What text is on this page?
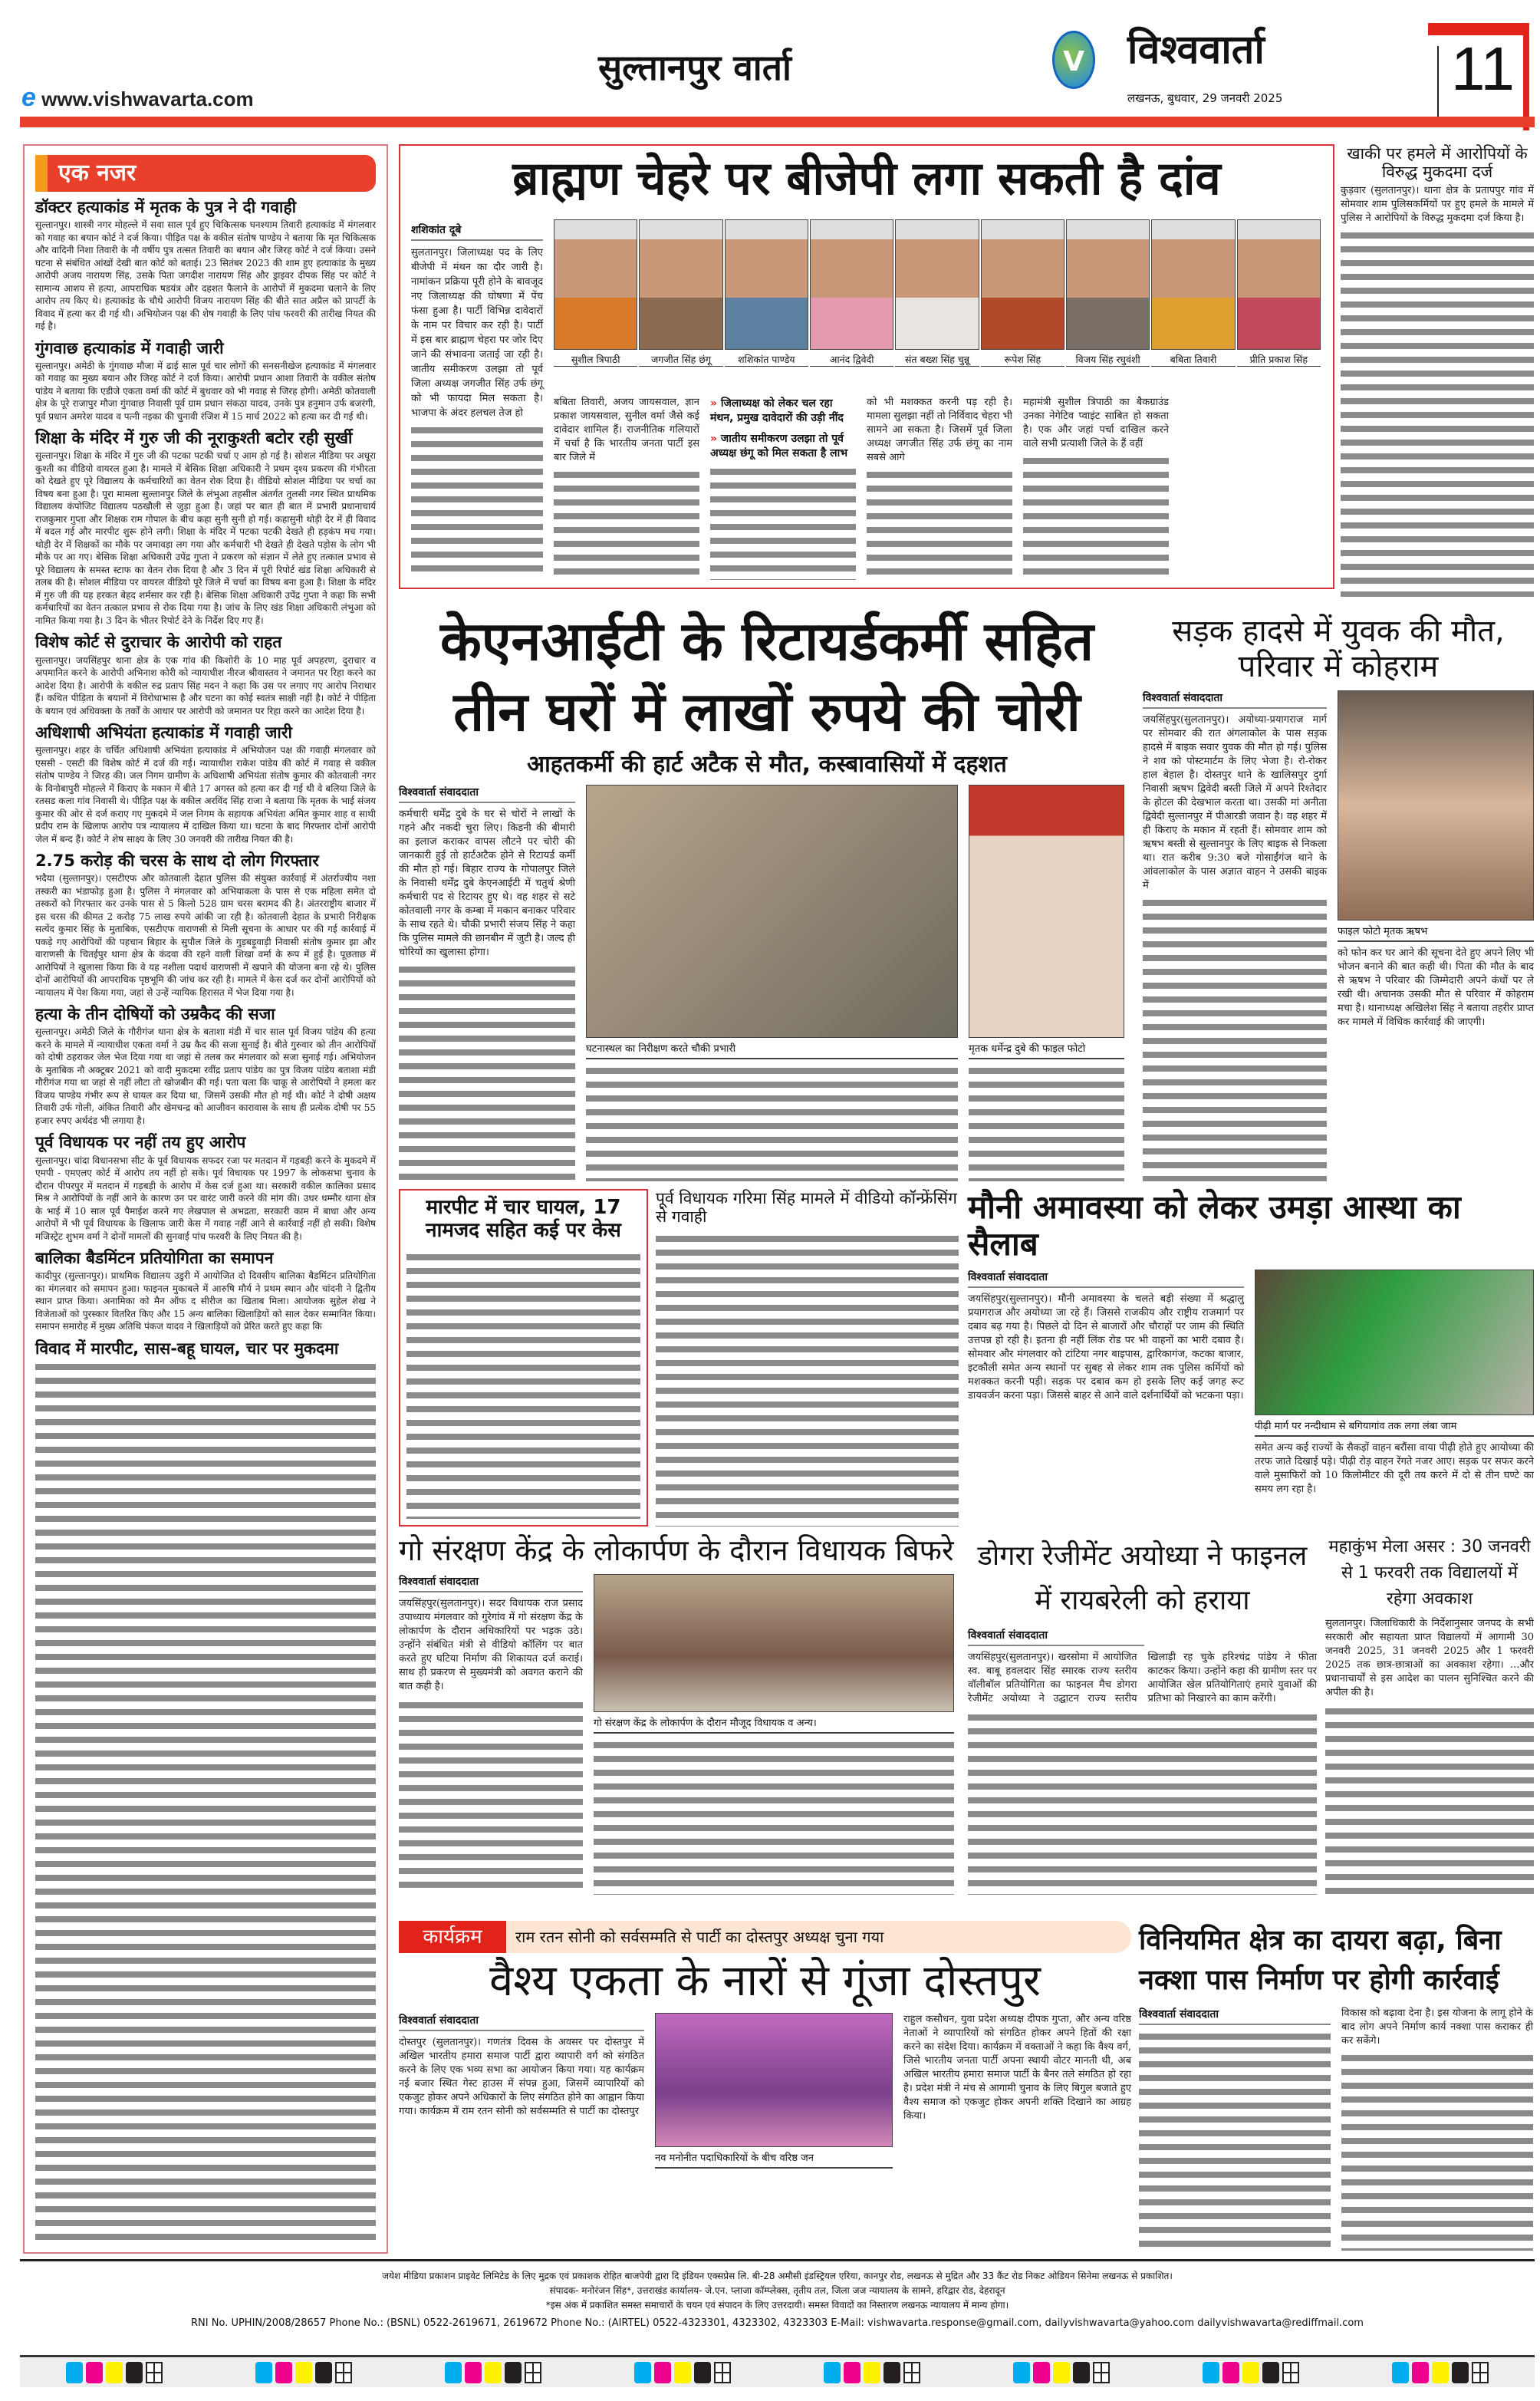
e www.vishwavarta.com
सुल्तानपुर वार्ता	V विश्ववार्ता
लखनऊ, बुधवार, 29 जनवरी 2025	11
एक नजर
डॉक्टर हत्याकांड में मृतक के पुत्र ने दी गवाही
सुल्तानपुर। शास्त्री नगर मोहल्ले में सवा साल पूर्व हुए चिकित्सक घनश्याम तिवारी हत्याकांड में मंगलवार को गवाह का बयान कोर्ट ने दर्ज किया। पीड़ित पक्ष के वकील संतोष पाण्डेय ने बताया कि मृत चिकित्सक और वादिनी निशा तिवारी के नौ वर्षीय पुत्र तत्सत तिवारी का बयान और जिरह कोर्ट ने दर्ज किया। उसने घटना से संबंधित आंखों देखी बात कोर्ट को बताई। 23 सितंबर 2023 की शाम हुए हत्याकांड के मुख्य आरोपी अजय नारायण सिंह, उसके पिता जगदीश नारायण सिंह और ड्राइवर दीपक सिंह पर कोर्ट ने सामान्य आशय से हत्या, आपराधिक षडयंत्र और दहशत फैलाने के आरोपों में मुकदमा चलाने के लिए आरोप तय किए थे। हत्याकांड के चौथे आरोपी विजय नारायण सिंह की बीते सात अप्रैल को प्रापर्टी के विवाद में हत्या कर दी गई थी। अभियोजन पक्ष की शेष गवाही के लिए पांच फरवरी की तारीख नियत की गई है।
गुंगवाछ हत्याकांड में गवाही जारी
सुल्तानपुर। अमेठी के गुंगवाछ मौजा में ढाई साल पूर्व चार लोगों की सनसनीखेज हत्याकांड में मंगलवार को गवाह का मुख्य बयान और जिरह कोर्ट ने दर्ज किया। आरोपी प्रधान आशा तिवारी के वकील संतोष पांडेय ने बताया कि एडीजे एकता वर्मा की कोर्ट में बुधवार को भी गवाह से जिरह होगी। अमेठी कोतवाली क्षेत्र के पूरे राजापुर मौजा गुंगवाछ निवासी पूर्व ग्राम प्रधान संकठा यादव, उनके पुत्र हनुमान उर्फ बजरंगी, पूर्व प्रधान अमरेश यादव व पत्नी नइका की चुनावी रंजिश में 15 मार्च 2022 को हत्या कर दी गई थी।
शिक्षा के मंदिर में गुरु जी की नूराकुश्ती बटोर रही सुर्खी
सुल्तानपुर। शिक्षा के मंदिर में गुरु जी की पटका पटकी चर्चा ए आम हो गई है। सोशल मीडिया पर अधूरा कुश्ती का वीडियो वायरल हुआ है। मामले में बेसिक शिक्षा अधिकारी ने प्रथम दृश्य प्रकरण की गंभीरता को देखते हुए पूरे विद्यालय के कर्मचारियों का वेतन रोक दिया है। वीडियो सोशल मीडिया पर चर्चा का विषय बना हुआ है। पूरा मामला सुल्तानपुर जिले के लंभुआ तहसील अंतर्गत तुलसी नगर स्थित प्राथमिक विद्यालय कंपोजिट विद्यालय पठखौली से जुड़ा हुआ है। जहां पर बात ही बात में प्रभारी प्रधानाचार्य राजकुमार गुप्ता और शिक्षक राम गोपाल के बीच कहा सुनी सुनी हो गई। कहासुनी थोड़ी देर में ही विवाद में बदल गई और मारपीट शुरू होने लगी। शिक्षा के मंदिर में पटका पटकी देखते ही हड़कंप मच गया। थोड़ी देर में शिक्षकों का मौके पर जमावड़ा लग गया और कर्मचारी भी देखते ही देखते पड़ोस के लोग भी मौके पर आ गए। बेसिक शिक्षा अधिकारी उपेंद्र गुप्ता ने प्रकरण को संज्ञान में लेते हुए तत्काल प्रभाव से पूरे विद्यालय के समस्त स्टाफ का वेतन रोक दिया है और 3 दिन में पूरी रिपोर्ट खंड शिक्षा अधिकारी से तलब की है। सोशल मीडिया पर वायरल वीडियो पूरे जिले में चर्चा का विषय बना हुआ है। शिक्षा के मंदिर में गुरु जी की यह हरकत बेहद शर्मसार कर रही है। बेसिक शिक्षा अधिकारी उपेंद्र गुप्ता ने कहा कि सभी कर्मचारियों का वेतन तत्काल प्रभाव से रोक दिया गया है। जांच के लिए खंड शिक्षा अधिकारी लंभुआ को नामित किया गया है। 3 दिन के भीतर रिपोर्ट देने के निर्देश दिए गए हैं।
विशेष कोर्ट से दुराचार के आरोपी को राहत
सुल्तानपुर। जयसिंहपुर थाना क्षेत्र के एक गांव की किशोरी के 10 माह पूर्व अपहरण, दुराचार व अपमानित करने के आरोपी अभिनाश कोरी को न्यायाधीश नीरज श्रीवास्तव ने जमानत पर रिहा करने का आदेश दिया है। आरोपी के वकील रुद्र प्रताप सिंह मदन ने कहा कि उस पर लगाए गए आरोप निराधार हैं। कथित पीड़िता के बयानों में विरोधाभास है और घटना का कोई स्वतंत्र साक्षी नहीं है। कोर्ट ने पीड़िता के बयान एवं अधिवक्ता के तर्कों के आधार पर आरोपी को जमानत पर रिहा करने का आदेश दिया है।
अधिशाषी अभियंता हत्याकांड में गवाही जारी
सुल्तानपुर। शहर के चर्चित अधिशाषी अभियंता हत्याकांड में अभियोजन पक्ष की गवाही मंगलवार को एससी - एसटी की विशेष कोर्ट में दर्ज की गई। न्यायाधीश राकेश पांडेय की कोर्ट में गवाह से वकील संतोष पाण्डेय ने जिरह की। जल निगम ग्रामीण के अधिशाषी अभियंता संतोष कुमार की कोतवाली नगर के विनोबापुरी मोहल्ले में किराए के मकान में बीते 17 अगस्त को हत्या कर दी गई थी वे बलिया जिले के रतसड कला गांव निवासी थे। पीड़ित पक्ष के वकील अरविंद सिंह राजा ने बताया कि मृतक के भाई संजय कुमार की ओर से दर्ज कराए गए मुकदमे में जल निगम के सहायक अभियंता अमित कुमार शाह व साथी प्रदीप राम के खिलाफ आरोप पत्र न्यायालय में दाखिल किया था। घटना के बाद गिरफ्तार दोनों आरोपी जेल में बन्द हैं। कोर्ट ने शेष साक्ष्य के लिए 30 जनवरी की तारीख नियत की है।
2.75 करोड़ की चरस के साथ दो लोग गिरफ्तार
भदैया (सुल्तानपुर)। एसटीएफ और कोतवाली देहात पुलिस की संयुक्त कार्रवाई में अंतर्राज्यीय नशा तस्करी का भंडाफोड़ हुआ है। पुलिस ने मंगलवार को अभियाकला के पास से एक महिला समेत दो तस्करों को गिरफ्तार कर उनके पास से 5 किलो 528 ग्राम चरस बरामद की है। अंतरराष्ट्रीय बाजार में इस चरस की कीमत 2 करोड़ 75 लाख रुपये आंकी जा रही है। कोतवाली देहात के प्रभारी निरीक्षक सत्येंद कुमार सिंह के मुताबिक, एसटीएफ वाराणसी से मिली सूचना के आधार पर की गई कार्रवाई में पकड़े गए आरोपियों की पहचान बिहार के सुपौल जिले के गुड़बड़ूवाड़ी निवासी संतोष कुमार झा और वाराणसी के चितईपुर थाना क्षेत्र के कंदवा की रहने वाली शिखा वर्मा के रूप में हुई है। पूछताछ में आरोपियों ने खुलासा किया कि वे यह नशीला पदार्थ वाराणसी में खपाने की योजना बना रहे थे। पुलिस दोनों आरोपियों की आपराधिक पृष्ठभूमि की जांच कर रही है। मामले में केस दर्ज कर दोनों आरोपियों को न्यायालय में पेश किया गया, जहां से उन्हें न्यायिक हिरासत में भेज दिया गया है।
हत्या के तीन दोषियों को उम्रकैद की सजा
सुल्तानपुर। अमेठी जिले के गौरीगंज थाना क्षेत्र के बताशा मंडी में चार साल पूर्व विजय पांडेय की हत्या करने के मामले में न्यायाधीश एकता वर्मा ने उम्र कैद की सजा सुनाई है। बीते गुरुवार को तीन आरोपियों को दोषी ठहराकर जेल भेज दिया गया था जहां से तलब कर मंगलवार को सजा सुनाई गई। अभियोजन के मुताबिक नौ अक्टूबर 2021 को वादी मुकदमा रवींद्र प्रताप पांडेय का पुत्र विजय पांडेय बताशा मंडी गौरीगंज गया था जहां से नहीं लौटा तो खोजबीन की गई। पता चला कि चाकू से आरोपियों ने हमला कर विजय पाण्डेय गंभीर रूप से घायल कर दिया था, जिसमें उसकी मौत हो गई थी। कोर्ट ने दोषी अक्षय तिवारी उर्फ गोली, अंकित तिवारी और खेमचन्द्र को आजीवन कारावास के साथ ही प्रत्येक दोषी पर 55 हजार रुपए अर्थदंड भी लगाया है।
पूर्व विधायक पर नहीं तय हुए आरोप
सुल्तानपुर। चांदा विधानसभा सीट के पूर्व विधायक सफदर रजा पर मतदान में गड़बड़ी करने के मुकदमे में एमपी - एमएलए कोर्ट में आरोप तय नहीं हो सके। पूर्व विधायक पर 1997 के लोकसभा चुनाव के दौरान पीपरपुर में मतदान में गड़बड़ी के आरोप में केस दर्ज हुआ था। सरकारी वकील कालिका प्रसाद मिश्र ने आरोपियों के नहीं आने के कारण उन पर वारंट जारी करने की मांग की। उधर धम्मौर थाना क्षेत्र के भाई में 10 साल पूर्व पैमाईश करने गए लेखपाल से अभद्रता, सरकारी काम में बाधा और अन्य आरोपों में भी पूर्व विधायक के खिलाफ जारी केस में गवाह नहीं आने से कार्रवाई नहीं हो सकी। विशेष मजिस्ट्रेट शुभम वर्मा ने दोनों मामलों की सुनवाई पांच फरवरी के लिए नियत की है।
बालिका बैडमिंटन प्रतियोगिता का समापन
कादीपुर (सुल्तानपुर)। प्राथमिक विद्यालय उडुरी में आयोजित दो दिवसीय बालिका बैडमिंटन प्रतियोगिता का मंगलवार को समापन हुआ। फाइनल मुकाबले में आरुषि मौर्य ने प्रथम स्थान और चांदनी ने द्वितीय स्थान प्राप्त किया। अनामिका को मैन ऑफ द सीरीज का खिताब मिला। आयोजक सुहेल शेख ने विजेताओं को पुरस्कार वितरित किए और 15 अन्य बालिका खिलाड़ियों को साल देकर सम्मानित किया। समापन समारोह में मुख्य अतिथि पंकज यादव ने खिलाड़ियों को प्रेरित करते हुए कहा कि
विवाद में मारपीट, सास-बहू घायल, चार पर मुकदमा
ब्राह्मण चेहरे पर बीजेपी लगा सकती है दांव
शशिकांत दूबे
सुलतानपुर। जिलाध्यक्ष पद के लिए बीजेपी में मंथन का दौर जारी है। नामांकन प्रक्रिया पूरी होने के बावजूद नए जिलाध्यक्ष की घोषणा में पेंच फंसा हुआ है। पार्टी विभिन्न दावेदारों के नाम पर विचार कर रही है। पार्टी में इस बार ब्राह्मण चेहरा पर जोर दिए जाने की संभावना जताई जा रही है। जातीय समीकरण उलझा तो पूर्व जिला अध्यक्ष जगजीत सिंह उर्फ छंगू को भी फायदा मिल सकता है। भाजपा के अंदर हलचल तेज हो
सुशील त्रिपाठी	जगजीत सिंह छंगू	शशिकांत पाण्डेय	आनंद द्विवेदी	संत बख्श सिंह चुन्नू	रूपेश सिंह	विजय सिंह रघुवंशी	बबिता तिवारी	प्रीति प्रकाश सिंह
बबिता तिवारी, अजय जायसवाल, ज्ञान प्रकाश जायसवाल, सुनील वर्मा जैसे कई दावेदार शामिल हैं। राजनीतिक गलियारों में चर्चा है कि भारतीय जनता पार्टी इस बार जिले में
» जिलाध्यक्ष को लेकर चल रहा मंथन, प्रमुख दावेदारों की उड़ी नींद
» जातीय समीकरण उलझा तो पूर्व अध्यक्ष छंगू को मिल सकता है लाभ
को भी मशक्कत करनी पड़ रही है। मामला सुलझा नहीं तो निर्विवाद चेहरा भी सामने आ सकता है। जिसमें पूर्व जिला अध्यक्ष जगजीत सिंह उर्फ छंगू का नाम सबसे आगे
महामंत्री सुशील त्रिपाठी का बैकग्राउंड उनका नेगेटिव प्वाइंट साबित हो सकता है। एक और जहां पर्चा दाखिल करने वाले सभी प्रत्याशी जिले के हैं वहीं
खाकी पर हमले में आरोपियों के विरुद्ध मुकदमा दर्ज
कुड़वार (सुलतानपुर)। थाना क्षेत्र के प्रतापपुर गांव में सोमवार शाम पुलिसकर्मियों पर हुए हमले के मामले में पुलिस ने आरोपियों के विरुद्ध मुकदमा दर्ज किया है।
केएनआईटी के रिटायर्डकर्मी सहित तीन घरों में लाखों रुपये की चोरी
आहतकर्मी की हार्ट अटैक से मौत, कस्बावासियों में दहशत
विश्ववार्ता संवाददाता
कर्मचारी धर्मेंद्र दुबे के घर से चोरों ने लाखों के गहने और नकदी चुरा लिए। किडनी की बीमारी का इलाज कराकर वापस लौटने पर चोरी की जानकारी हुई तो हार्टअटैक होने से रिटायर्ड कर्मी की मौत हो गई। बिहार राज्य के गोपालपुर जिले के निवासी धर्मेंद्र दुबे केएनआईटी में चतुर्थ श्रेणी कर्मचारी पद से रिटायर हुए थे। वह शहर से सटे कोतवाली नगर के कम्बा में मकान बनाकर परिवार के साथ रहते थे। चौकी प्रभारी संजय सिंह ने कहा कि पुलिस मामले की छानबीन में जुटी है। जल्द ही चोरियों का खुलासा होगा।
घटनास्थल का निरीक्षण करते चौकी प्रभारी	मृतक धर्मेन्द्र दुबे की फाइल फोटो
सड़क हादसे में युवक की मौत, परिवार में कोहराम
विश्ववार्ता संवाददाता
जयसिंहपुर(सुलतानपुर)। अयोध्या-प्रयागराज मार्ग पर सोमवार की रात अंगलाकोल के पास सड़क हादसे में बाइक सवार युवक की मौत हो गई। पुलिस ने शव को पोस्टमार्टम के लिए भेजा है। रो-रोकर हाल बेहाल है। दोस्तपुर थाने के खालिसपुर दुर्गा निवासी ऋषभ द्विवेदी बस्ती जिले में अपने रिश्तेदार के होटल की देखभाल करता था। उसकी मां अनीता द्विवेदी सुल्तानपुर में पीआरडी जवान है। वह शहर में ही किराए के मकान में रहती हैं। सोमवार शाम को ऋषभ बस्ती से सुल्तानपुर के लिए बाइक से निकला था। रात करीब 9:30 बजे गोसाईंगंज थाने के आंवलाकोल के पास अज्ञात वाहन ने उसकी बाइक में
फाइल फोटो मृतक ऋषभ
को फोन कर घर आने की सूचना देते हुए अपने लिए भी भोजन बनाने की बात कही थी। पिता की मौत के बाद से ऋषभ ने परिवार की जिम्मेदारी अपने कंधों पर ले रखी थी। अचानक उसकी मौत से परिवार में कोहराम मचा है। थानाध्यक्ष अखिलेश सिंह ने बताया तहरीर प्राप्त कर मामले में विधिक कार्रवाई की जाएगी।
मारपीट में चार घायल, 17 नामजद सहित कई पर केस
पूर्व विधायक गरिमा सिंह मामले में वीडियो कॉन्फ्रेंसिंग से गवाही	मौनी अमावस्या को लेकर उमड़ा आस्था का सैलाब
विश्ववार्ता संवाददाता
जयसिंहपुर(सुल्तानपुर)। मौनी अमावस्या के चलते बड़ी संख्या में श्रद्धालु प्रयागराज और अयोध्या जा रहे हैं। जिससे राजकीय और राष्ट्रीय राजमार्ग पर दबाव बढ़ गया है। पिछले दो दिन से बाजारों और चौराहों पर जाम की स्थिति उत्तपन्न हो रही है। इतना ही नहीं लिंक रोड पर भी वाहनों का भारी दबाव है। सोमवार और मंगलवार को टांटिया नगर बाइपास, द्वारिकागंज, कटका बाजार, इटकौली समेत अन्य स्थानों पर सुबह से लेकर शाम तक पुलिस कर्मियों को मशक्कत करनी पड़ी। सड़क पर दबाव कम हो इसके लिए कई जगह रूट डायवर्जन करना पड़ा। जिससे बाहर से आने वाले दर्शनार्थियों को भटकना पड़ा।
पीढ़ी मार्ग पर नन्दीधाम से बगियागांव तक लगा लंबा जाम
समेत अन्य कई राज्यों के सैकड़ों वाहन बरौंसा वाया पीढ़ी होते हुए आयोध्या की तरफ जाते दिखाई पड़े। पीढ़ी रोड़ वाहन रेंगते नजर आए। सड़क पर सफर करने वाले मुसाफिरों को 10 किलोमीटर की दूरी तय करने में दो से तीन घण्टे का समय लग रहा है।
गो संरक्षण केंद्र के लोकार्पण के दौरान विधायक बिफरे
विश्ववार्ता संवाददाता
जयसिंहपुर(सुलतानपुर)। सदर विधायक राज प्रसाद उपाध्याय मंगलवार को गुरेगांव में गो संरक्षण केंद्र के लोकार्पण के दौरान अधिकारियों पर भड़क उठे। उन्होंने संबंधित मंत्री से वीडियो कॉलिंग पर बात करते हुए घटिया निर्माण की शिकायत दर्ज कराई। साथ ही प्रकरण से मुख्यमंत्री को अवगत कराने की बात कही है।
गो संरक्षण केंद्र के लोकार्पण के दौरान मौजूद विधायक व अन्य।
डोगरा रेजीमेंट अयोध्या ने फाइनल में रायबरेली को हराया
विश्ववार्ता संवाददाता
जयसिंहपुर(सुलतानपुर)। खरसोमा में आयोजित स्व. बाबू हवलदार सिंह स्मारक राज्य स्तरीय वॉलीबॉल प्रतियोगिता का फाइनल मैच डोगरा रेजीमेंट अयोध्या ने उद्घाटन राज्य स्तरीय खिलाड़ी रह चुके हरिश्चंद्र पांडेय ने फीता काटकर किया। उन्होंने कहा की ग्रामीण स्तर पर आयोजित खेल प्रतियोगिताएं हमारे युवाओं की प्रतिभा को निखारने का काम करेंगी।
महाकुंभ मेला असर : 30 जनवरी से 1 फरवरी तक विद्यालयों में रहेगा अवकाश
सुलतानपुर। जिलाधिकारी के निर्देशानुसार जनपद के सभी सरकारी और सहायता प्राप्त विद्यालयों में आगामी 30 जनवरी 2025, 31 जनवरी 2025 और 1 फरवरी 2025 तक छात्र-छात्राओं का अवकाश रहेगा। ...और प्रधानाचार्यों से इस आदेश का पालन सुनिश्चित करने की अपील की है।
कार्यक्रम	राम रतन सोनी को सर्वसम्मति से पार्टी का दोस्तपुर अध्यक्ष चुना गया
वैश्य एकता के नारों से गूंजा दोस्तपुर
विश्ववार्ता संवाददाता
दोस्तपुर (सुलतानपुर)। गणतंत्र दिवस के अवसर पर दोस्तपुर में अखिल भारतीय हमारा समाज पार्टी द्वारा व्यापारी वर्ग को संगठित करने के लिए एक भव्य सभा का आयोजन किया गया। यह कार्यक्रम नई बजार स्थित गेस्ट हाउस में संपन्न हुआ, जिसमें व्यापारियों को एकजुट होकर अपने अधिकारों के लिए संगठित होने का आह्वान किया गया। कार्यक्रम में राम रतन सोनी को सर्वसम्मति से पार्टी का दोस्तपुर
नव मनोनीत पदाधिकारियों के बीच वरिष्ठ जन
राहुल कसौधन, युवा प्रदेश अध्यक्ष दीपक गुप्ता, और अन्य वरिष्ठ नेताओं ने व्यापारियों को संगठित होकर अपने हितों की रक्षा करने का संदेश दिया। कार्यक्रम में वक्ताओं ने कहा कि वैश्य वर्ग, जिसे भारतीय जनता पार्टी अपना स्थायी वोटर मानती थी, अब अखिल भारतीय हमारा समाज पार्टी के बैनर तले संगठित हो रहा है। प्रदेश मंत्री ने मंच से आगामी चुनाव के लिए बिगुल बजाते हुए वैश्य समाज को एकजुट होकर अपनी शक्ति दिखाने का आग्रह किया।
विनियमित क्षेत्र का दायरा बढ़ा, बिना नक्शा पास निर्माण पर होगी कार्रवाई
विश्ववार्ता संवाददाता	विकास को बढ़ावा देना है। इस योजना के लागू होने के बाद लोग अपने निर्माण कार्य नक्शा पास कराकर ही कर सकेंगे।
जयेश मीडिया प्रकाशन प्राइवेट लिमिटेड के लिए मुद्रक एवं प्रकाशक रोहित बाजपेयी द्वारा दि इंडियन एक्सप्रेस लि. बी-28 अमौसी इंडस्ट्रियल एरिया, कानपुर रोड, लखनऊ से मुद्रित और 33 कैंट रोड निकट ओडियन सिनेमा लखनऊ से प्रकाशित।
संपादक- मनोरंजन सिंह*, उत्तराखंड कार्यालय- जे.एन. प्लाजा कॉम्प्लेक्स, तृतीय तल, जिला जज न्यायालय के सामने, हरिद्वार रोड, देहरादून
*इस अंक में प्रकाशित समस्त समाचारों के चयन एवं संपादन के लिए उत्तरदायी। समस्त विवादों का निस्तारण लखनऊ न्यायालय में मान्य होगा।
RNI No. UPHIN/2008/28657 Phone No.: (BSNL) 0522-2619671, 2619672 Phone No.: (AIRTEL) 0522-4323301, 4323302, 4323303 E-Mail: vishwavarta.response@gmail.com, dailyvishwavarta@yahoo.com dailyvishwavarta@rediffmail.com
